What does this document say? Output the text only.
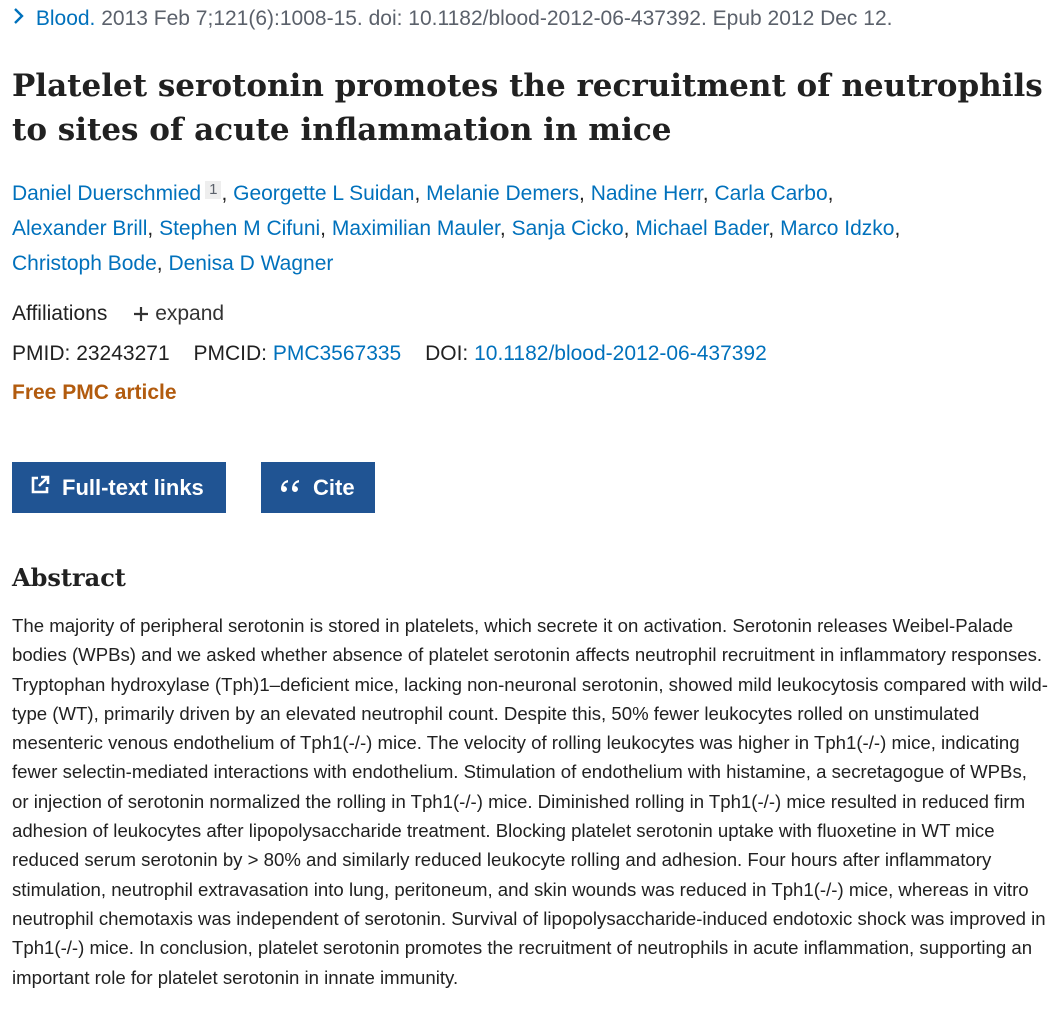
Blood. 2013 Feb 7;121(6):1008-15. doi: 10.1182/blood-2012-06-437392. Epub 2012 Dec 12.
Platelet serotonin promotes the recruitment of neutrophils to sites of acute inflammation in mice
Daniel Duerschmied 1 , Georgette L Suidan, Melanie Demers, Nadine Herr, Carla Carbo,
Alexander Brill, Stephen M Cifuni, Maximilian Mauler, Sanja Cicko, Michael Bader, Marco Idzko,
Christoph Bode, Denisa D Wagner
Affiliations expand
PMID: 23243271 PMCID: PMC3567335 DOI: 10.1182/blood-2012-06-437392
Free PMC article
Full-text links	Cite
Abstract

The majority of peripheral serotonin is stored in platelets, which secrete it on activation. Serotonin releases Weibel-Palade bodies (WPBs) and we asked whether absence of platelet serotonin affects neutrophil recruitment in inflammatory responses. Tryptophan hydroxylase (Tph)1–deficient mice, lacking non-neuronal serotonin, showed mild leukocytosis compared with wild-type (WT), primarily driven by an elevated neutrophil count. Despite this, 50% fewer leukocytes rolled on unstimulated mesenteric venous endothelium of Tph1(-/-) mice. The velocity of rolling leukocytes was higher in Tph1(-/-) mice, indicating fewer selectin-mediated interactions with endothelium. Stimulation of endothelium with histamine, a secretagogue of WPBs, or injection of serotonin normalized the rolling in Tph1(-/-) mice. Diminished rolling in Tph1(-/-) mice resulted in reduced firm adhesion of leukocytes after lipopolysaccharide treatment. Blocking platelet serotonin uptake with fluoxetine in WT mice reduced serum serotonin by > 80% and similarly reduced leukocyte rolling and adhesion. Four hours after inflammatory stimulation, neutrophil extravasation into lung, peritoneum, and skin wounds was reduced in Tph1(-/-) mice, whereas in vitro neutrophil chemotaxis was independent of serotonin. Survival of lipopolysaccharide-induced endotoxic shock was improved in Tph1(-/-) mice. In conclusion, platelet serotonin promotes the recruitment of neutrophils in acute inflammation, supporting an important role for platelet serotonin in innate immunity.
